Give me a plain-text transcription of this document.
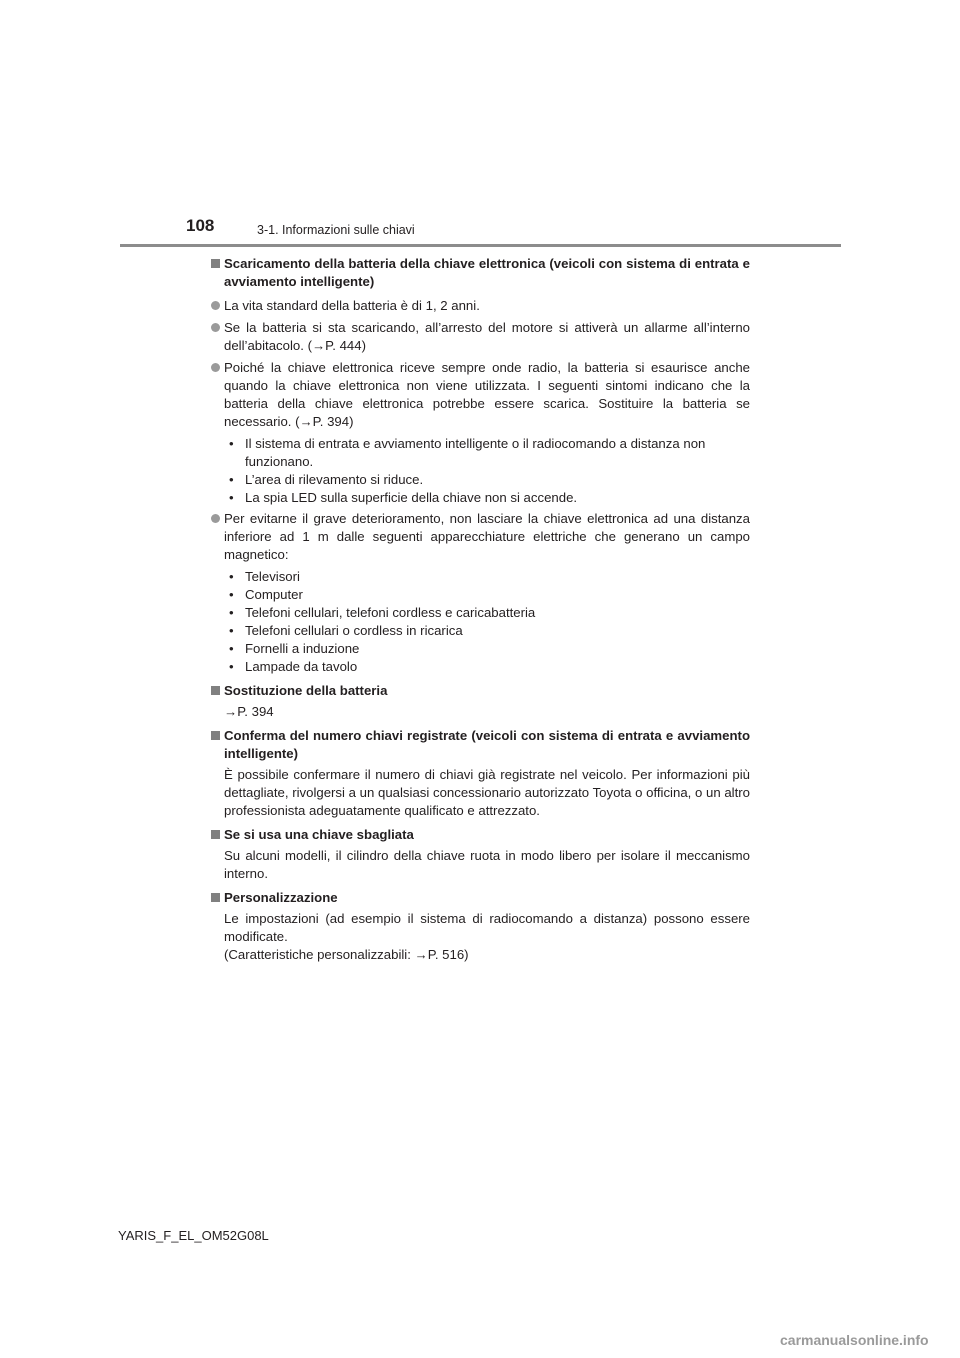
108	3-1. Informazioni sulle chiavi
Scaricamento della batteria della chiave elettronica (veicoli con sistema di entrata e avviamento intelligente)
La vita standard della batteria è di 1, 2 anni.
Se la batteria si sta scaricando, all’arresto del motore si attiverà un allarme all’interno dell’abitacolo. (→P. 444)
Poiché la chiave elettronica riceve sempre onde radio, la batteria si esaurisce anche quando la chiave elettronica non viene utilizzata. I seguenti sintomi indicano che la batteria della chiave elettronica potrebbe essere scarica. Sostituire la batteria se necessario. (→P. 394)
• Il sistema di entrata e avviamento intelligente o il radiocomando a distanza non funzionano.
• L’area di rilevamento si riduce.
• La spia LED sulla superficie della chiave non si accende.
Per evitarne il grave deterioramento, non lasciare la chiave elettronica ad una distanza inferiore ad 1 m dalle seguenti apparecchiature elettriche che generano un campo magnetico:
• Televisori
• Computer
• Telefoni cellulari, telefoni cordless e caricabatteria
• Telefoni cellulari o cordless in ricarica
• Fornelli a induzione
• Lampade da tavolo
Sostituzione della batteria
→P. 394
Conferma del numero chiavi registrate (veicoli con sistema di entrata e avviamento intelligente)
È possibile confermare il numero di chiavi già registrate nel veicolo. Per informazioni più dettagliate, rivolgersi a un qualsiasi concessionario autorizzato Toyota o officina, o un altro professionista adeguatamente qualificato e attrezzato.
Se si usa una chiave sbagliata
Su alcuni modelli, il cilindro della chiave ruota in modo libero per isolare il meccanismo interno.
Personalizzazione
Le impostazioni (ad esempio il sistema di radiocomando a distanza) possono essere modificate.
(Caratteristiche personalizzabili: →P. 516)
YARIS_F_EL_OM52G08L
carmanualsonline.info
